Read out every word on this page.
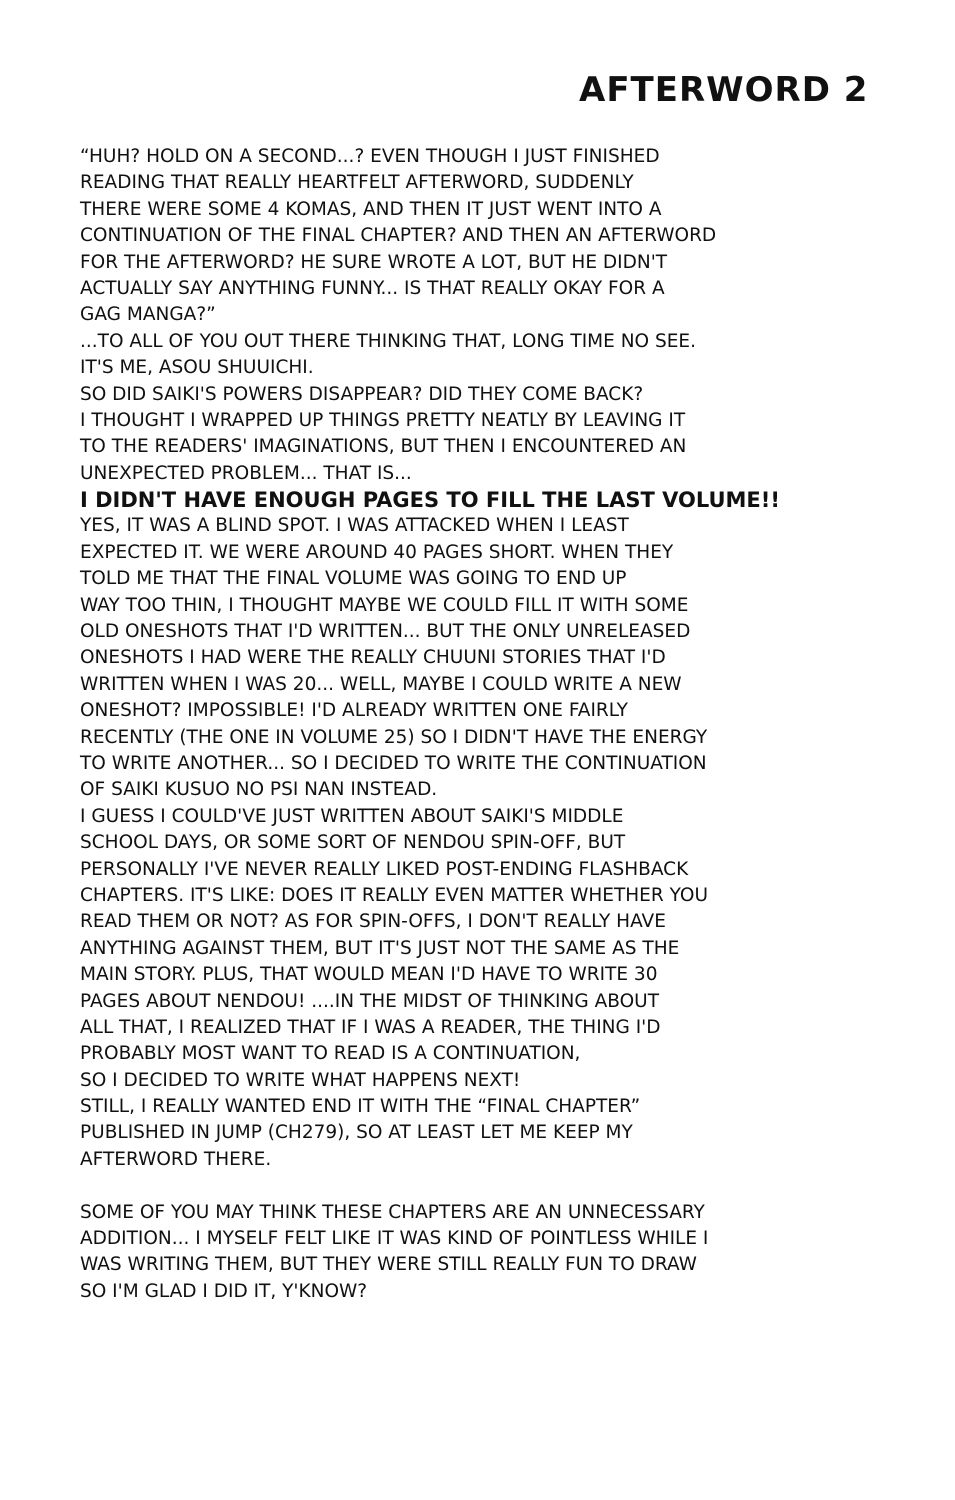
AFTERWORD 2
“HUH? HOLD ON A SECOND...? EVEN THOUGH I JUST FINISHED
READING THAT REALLY HEARTFELT AFTERWORD, SUDDENLY
THERE WERE SOME 4 KOMAS, AND THEN IT JUST WENT INTO A
CONTINUATION OF THE FINAL CHAPTER? AND THEN AN AFTERWORD
FOR THE AFTERWORD? HE SURE WROTE A LOT, BUT HE DIDN'T
ACTUALLY SAY ANYTHING FUNNY... IS THAT REALLY OKAY FOR A
GAG MANGA?”
...TO ALL OF YOU OUT THERE THINKING THAT, LONG TIME NO SEE.
IT'S ME, ASOU SHUUICHI.
SO DID SAIKI'S POWERS DISAPPEAR? DID THEY COME BACK?
I THOUGHT I WRAPPED UP THINGS PRETTY NEATLY BY LEAVING IT
TO THE READERS' IMAGINATIONS, BUT THEN I ENCOUNTERED AN
UNEXPECTED PROBLEM... THAT IS...
I DIDN'T HAVE ENOUGH PAGES TO FILL THE LAST VOLUME!!
YES, IT WAS A BLIND SPOT. I WAS ATTACKED WHEN I LEAST
EXPECTED IT. WE WERE AROUND 40 PAGES SHORT. WHEN THEY
TOLD ME THAT THE FINAL VOLUME WAS GOING TO END UP
WAY TOO THIN, I THOUGHT MAYBE WE COULD FILL IT WITH SOME
OLD ONESHOTS THAT I'D WRITTEN... BUT THE ONLY UNRELEASED
ONESHOTS I HAD WERE THE REALLY CHUUNI STORIES THAT I'D
WRITTEN WHEN I WAS 20... WELL, MAYBE I COULD WRITE A NEW
ONESHOT? IMPOSSIBLE! I'D ALREADY WRITTEN ONE FAIRLY
RECENTLY (THE ONE IN VOLUME 25) SO I DIDN'T HAVE THE ENERGY
TO WRITE ANOTHER... SO I DECIDED TO WRITE THE CONTINUATION
OF SAIKI KUSUO NO PSI NAN INSTEAD.
I GUESS I COULD'VE JUST WRITTEN ABOUT SAIKI'S MIDDLE
SCHOOL DAYS, OR SOME SORT OF NENDOU SPIN-OFF, BUT
PERSONALLY I'VE NEVER REALLY LIKED POST-ENDING FLASHBACK
CHAPTERS. IT'S LIKE: DOES IT REALLY EVEN MATTER WHETHER YOU
READ THEM OR NOT? AS FOR SPIN-OFFS, I DON'T REALLY HAVE
ANYTHING AGAINST THEM, BUT IT'S JUST NOT THE SAME AS THE
MAIN STORY. PLUS, THAT WOULD MEAN I'D HAVE TO WRITE 30
PAGES ABOUT NENDOU! ....IN THE MIDST OF THINKING ABOUT
ALL THAT, I REALIZED THAT IF I WAS A READER, THE THING I'D
PROBABLY MOST WANT TO READ IS A CONTINUATION,
SO I DECIDED TO WRITE WHAT HAPPENS NEXT!
STILL, I REALLY WANTED END IT WITH THE “FINAL CHAPTER”
PUBLISHED IN JUMP (CH279), SO AT LEAST LET ME KEEP MY
AFTERWORD THERE.
SOME OF YOU MAY THINK THESE CHAPTERS ARE AN UNNECESSARY
ADDITION... I MYSELF FELT LIKE IT WAS KIND OF POINTLESS WHILE I
WAS WRITING THEM, BUT THEY WERE STILL REALLY FUN TO DRAW
SO I'M GLAD I DID IT, Y'KNOW?
